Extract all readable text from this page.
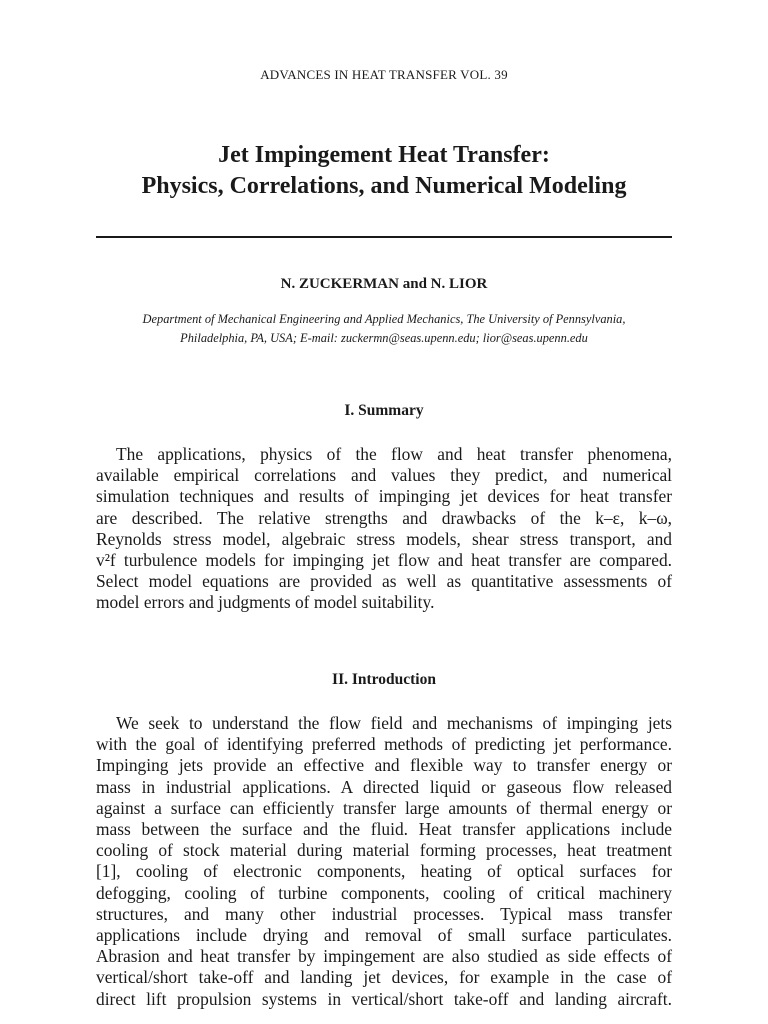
ADVANCES IN HEAT TRANSFER VOL. 39
Jet Impingement Heat Transfer:
Physics, Correlations, and Numerical Modeling
N. ZUCKERMAN and N. LIOR
Department of Mechanical Engineering and Applied Mechanics, The University of Pennsylvania,
Philadelphia, PA, USA; E-mail: zuckermn@seas.upenn.edu; lior@seas.upenn.edu
I. Summary
The applications, physics of the flow and heat transfer phenomena,
available empirical correlations and values they predict, and numerical
simulation techniques and results of impinging jet devices for heat transfer
are described. The relative strengths and drawbacks of the k–ε, k–ω,
Reynolds stress model, algebraic stress models, shear stress transport, and
v²f turbulence models for impinging jet flow and heat transfer are compared.
Select model equations are provided as well as quantitative assessments of
model errors and judgments of model suitability.
II. Introduction
We seek to understand the flow field and mechanisms of impinging jets
with the goal of identifying preferred methods of predicting jet performance.
Impinging jets provide an effective and flexible way to transfer energy or
mass in industrial applications. A directed liquid or gaseous flow released
against a surface can efficiently transfer large amounts of thermal energy or
mass between the surface and the fluid. Heat transfer applications include
cooling of stock material during material forming processes, heat treatment
[1], cooling of electronic components, heating of optical surfaces for
defogging, cooling of turbine components, cooling of critical machinery
structures, and many other industrial processes. Typical mass transfer
applications include drying and removal of small surface particulates.
Abrasion and heat transfer by impingement are also studied as side effects of
vertical/short take-off and landing jet devices, for example in the case of
direct lift propulsion systems in vertical/short take-off and landing aircraft.
